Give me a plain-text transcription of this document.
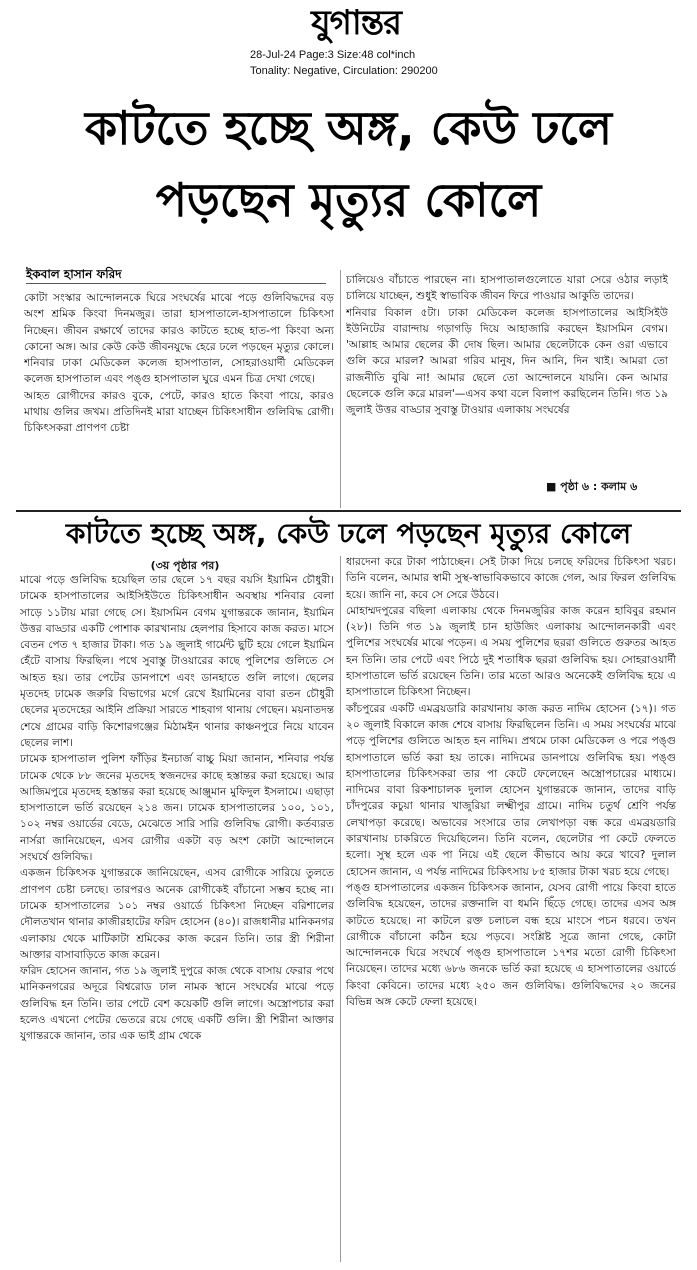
যুগান্তর
28-Jul-24 Page:3 Size:48 col*inch
Tonality: Negative, Circulation: 290200
কাটতে হচ্ছে অঙ্গ, কেউ ঢলে পড়ছেন মৃত্যুর কোলে
ইকবাল হাসান ফরিদ

কোটা সংস্কার আন্দোলনকে ঘিরে সংঘর্ষের মাঝে পড়ে গুলিবিদ্ধদের বড় অংশ শ্রমিক কিংবা দিনমজুর। তারা হাসপাতালে-হাসপাতালে চিকিৎসা নিচ্ছেন। জীবন রক্ষার্থে তাদের কারও কাটতে হচ্ছে হাত-পা কিংবা অন্য কোনো অঙ্গ। আর কেউ কেউ জীবনযুদ্ধে হেরে ঢলে পড়ছেন মৃত্যুর কোলে। শনিবার ঢাকা মেডিকেল কলেজ হাসপাতাল, সোহরাওয়ার্দী মেডিকেল কলেজ হাসপাতাল এবং পঙ্গু হাসপাতাল ঘুরে এমন চিত্র দেখা গেছে।

আহত রোগীদের কারও বুকে, পেটে, কারও হাতে কিংবা পায়ে, কারও মাথায় গুলির জখম। প্রতিদিনই মারা যাচ্ছেন চিকিৎসাধীন গুলিবিদ্ধ রোগী। চিকিৎসকরা প্রাণপণ চেষ্টা

চালিয়েও বাঁচাতে পারছেন না। হাসপাতালগুলোতে যারা সেরে ওঠার লড়াই চালিয়ে যাচ্ছেন, শুধুই স্বাভাবিক জীবন ফিরে পাওয়ার আকুতি তাদের।

শনিবার বিকাল ৫টা। ঢাকা মেডিকেল কলেজ হাসপাতালের আইসিইউ ইউনিটের বারান্দায় গড়াগড়ি দিয়ে আহাজারি করছেন ইয়াসমিন বেগম। 'আল্লাহ আমার ছেলের কী দোষ ছিল। আমার ছেলেটাকে কেন ওরা এভাবে গুলি করে মারল? আমরা গরিব মানুষ, দিন আনি, দিন খাই। আমরা তো রাজনীতি বুঝি না! আমার ছেলে তো আন্দোলনে যায়নি। কেন আমার ছেলেকে গুলি করে মারল'—এসব কথা বলে বিলাপ করছিলেন তিনি। গত ১৯ জুলাই উত্তর বাড্ডার সুবাস্তু টাওয়ার এলাকায় সংঘর্ষের

■ পৃষ্ঠা ৬ : কলাম ৬
কাটতে হচ্ছে অঙ্গ, কেউ ঢলে পড়ছেন মৃত্যুর কোলে
(৩য় পৃষ্ঠার পর)

মাঝে পড়ে গুলিবিদ্ধ হয়েছিল তার ছেলে ১৭ বছর বয়সি ইয়ামিন চৌধুরী। ঢামেক হাসপাতালের আইসিইউতে চিকিৎসাধীন অবস্থায় শনিবার বেলা সাড়ে ১১টায় মারা গেছে সে। ইয়াসমিন বেগম যুগান্তরকে জানান, ইয়ামিন উত্তর বাড্ডার একটি পোশাক কারখানায় হেলপার হিসাবে কাজ করত। মাসে বেতন পেত ৭ হাজার টাকা। গত ১৯ জুলাই গার্মেন্ট ছুটি হয়ে গেলে ইয়ামিন হেঁটে বাসায় ফিরছিল। পথে সুবাস্তু টাওয়ারের কাছে পুলিশের গুলিতে সে আহত হয়। তার পেটের ডানপাশে এবং ডানহাতে গুলি লাগে। ছেলের মৃতদেহ ঢামেক জরুরি বিভাগের মর্গে রেখে ইয়ামিনের বাবা রতন চৌধুরী ছেলের মৃতদেহের আইনি প্রক্রিয়া সারতে শাহবাগ থানায় গেছেন। ময়নাতদন্ত শেষে গ্রামের বাড়ি কিশোরগঞ্জের মিঠামইন থানার কাঞ্চনপুরে নিয়ে যাবেন ছেলের লাশ।

ঢামেক হাসপাতাল পুলিশ ফাঁড়ির ইনচার্জ বাচ্চু মিয়া জানান, শনিবার পর্যন্ত ঢামেক থেকে ৮৮ জনের মৃতদেহ স্বজনদের কাছে হস্তান্তর করা হয়েছে। আর আজিমপুরে মৃতদেহ হস্তান্তর করা হয়েছে আঞ্জুমান মুফিদুল ইসলামে। এছাড়া হাসপাতালে ভর্তি রয়েছেন ২১৪ জন। ঢামেক হাসপাতালের ১০০, ১০১, ১০২ নম্বর ওয়ার্ডের বেডে, মেঝেতে সারি সারি গুলিবিদ্ধ রোগী। কর্তব্যরত নার্সরা জানিয়েছেন, এসব রোগীর একটা বড় অংশ কোটা আন্দোলনে সংঘর্ষে গুলিবিদ্ধ।

একজন চিকিৎসক যুগান্তরকে জানিয়েছেন, এসব রোগীকে সারিয়ে তুলতে প্রাণপণ চেষ্টা চলছে। তারপরও অনেক রোগীকেই বাঁচানো সম্ভব হচ্ছে না। ঢামেক হাসপাতালের ১০১ নম্বর ওয়ার্ডে চিকিৎসা নিচ্ছেন বরিশালের দৌলতখান থানার কাজীরহাটের ফরিদ হোসেন (৪০)। রাজধানীর মানিকনগর এলাকায় থেকে মাটিকাটা শ্রমিকের কাজ করেন তিনি। তার স্ত্রী শিরীনা আক্তার বাসাবাড়িতে কাজ করেন।

ফরিদ হোসেন জানান, গত ১৯ জুলাই দুপুরে কাজ থেকে বাসায় ফেরার পথে মানিকনগরের অদূরে বিশ্বরোড ঢাল নামক স্থানে সংঘর্ষের মাঝে পড়ে গুলিবিদ্ধ হন তিনি। তার পেটে বেশ কয়েকটি গুলি লাগে। অস্ত্রোপচার করা হলেও এখনো পেটের ভেতরে রয়ে গেছে একটি গুলি। স্ত্রী শিরীনা আক্তার যুগান্তরকে জানান, তার এক ভাই গ্রাম থেকে

ধারদেনা করে টাকা পাঠাচ্ছেন। সেই টাকা দিয়ে চলছে ফরিদের চিকিৎসা খরচ। তিনি বলেন, আমার স্বামী সুস্থ-স্বাভাবিকভাবে কাজে গেল, আর ফিরল গুলিবিদ্ধ হয়ে। জানি না, কবে সে সেরে উঠবে।

মোহাম্মদপুরের বছিলা এলাকায় থেকে দিনমজুরির কাজ করেন হাবিবুর রহমান (২৮)। তিনি গত ১৯ জুলাই চান হাউজিং এলাকায় আন্দোলনকারী এবং পুলিশের সংঘর্ষের মাঝে পড়েন। এ সময় পুলিশের ছররা গুলিতে গুরুতর আহত হন তিনি। তার পেটে এবং পিঠে দুই শতাধিক ছররা গুলিবিদ্ধ হয়। সোহরাওয়ার্দী হাসপাতালে ভর্তি রয়েছেন তিনি। তার মতো আরও অনেকেই গুলিবিদ্ধ হয়ে এ হাসপাতালে চিকিৎসা নিচ্ছেন।

কাঁচপুরের একটি এমব্রয়ডারি কারখানায় কাজ করত নাদিম হোসেন (১৭)। গত ২০ জুলাই বিকালে কাজ শেষে বাসায় ফিরছিলেন তিনি। এ সময় সংঘর্ষের মাঝে পড়ে পুলিশের গুলিতে আহত হন নাদিম। প্রথমে ঢাকা মেডিকেল ও পরে পঙ্গু হাসপাতালে ভর্তি করা হয় তাকে। নাদিমের ডানপায়ে গুলিবিদ্ধ হয়। পঙ্গু হাসপাতালের চিকিৎসকরা তার পা কেটে ফেলেছেন অস্ত্রোপচারের মাধ্যমে। নাদিমের বাবা রিকশাচালক দুলাল হোসেন যুগান্তরকে জানান, তাদের বাড়ি চাঁদপুরের কচুয়া থানার খাজুরিয়া লক্ষ্মীপুর গ্রামে। নাদিম চতুর্থ শ্রেণি পর্যন্ত লেখাপড়া করেছে। অভাবের সংসারে তার লেখাপড়া বন্ধ করে এমব্রয়ডারি কারখানায় চাকরিতে দিয়েছিলেন। তিনি বলেন, ছেলেটার পা কেটে ফেলতে হলো। সুস্থ হলে এক পা নিয়ে এই ছেলে কীভাবে আয় করে খাবে? দুলাল হোসেন জানান, এ পর্যন্ত নাদিমের চিকিৎসায় ৮৫ হাজার টাকা খরচ হয়ে গেছে।

পঙ্গু হাসপাতালের একজন চিকিৎসক জানান, যেসব রোগী পায়ে কিংবা হাতে গুলিবিদ্ধ হয়েছেন, তাদের রক্তনালি বা ধমনি ছিঁড়ে গেছে। তাদের এসব অঙ্গ কাটতে হয়েছে। না কাটলে রক্ত চলাচল বন্ধ হয়ে মাংসে পচন ধরবে। তখন রোগীকে বাঁচানো কঠিন হয়ে পড়বে। সংশ্লিষ্ট সূত্রে জানা গেছে, কোটা আন্দোলনকে ঘিরে সংঘর্ষে পঙ্গু হাসপাতালে ১৭শর মতো রোগী চিকিৎসা নিয়েছেন। তাদের মধ্যে ৬৮৬ জনকে ভর্তি করা হয়েছে এ হাসপাতালের ওয়ার্ডে কিংবা কেবিনে। তাদের মধ্যে ২৫০ জন গুলিবিদ্ধ। গুলিবিদ্ধদের ২০ জনের বিভিন্ন অঙ্গ কেটে ফেলা হয়েছে।
